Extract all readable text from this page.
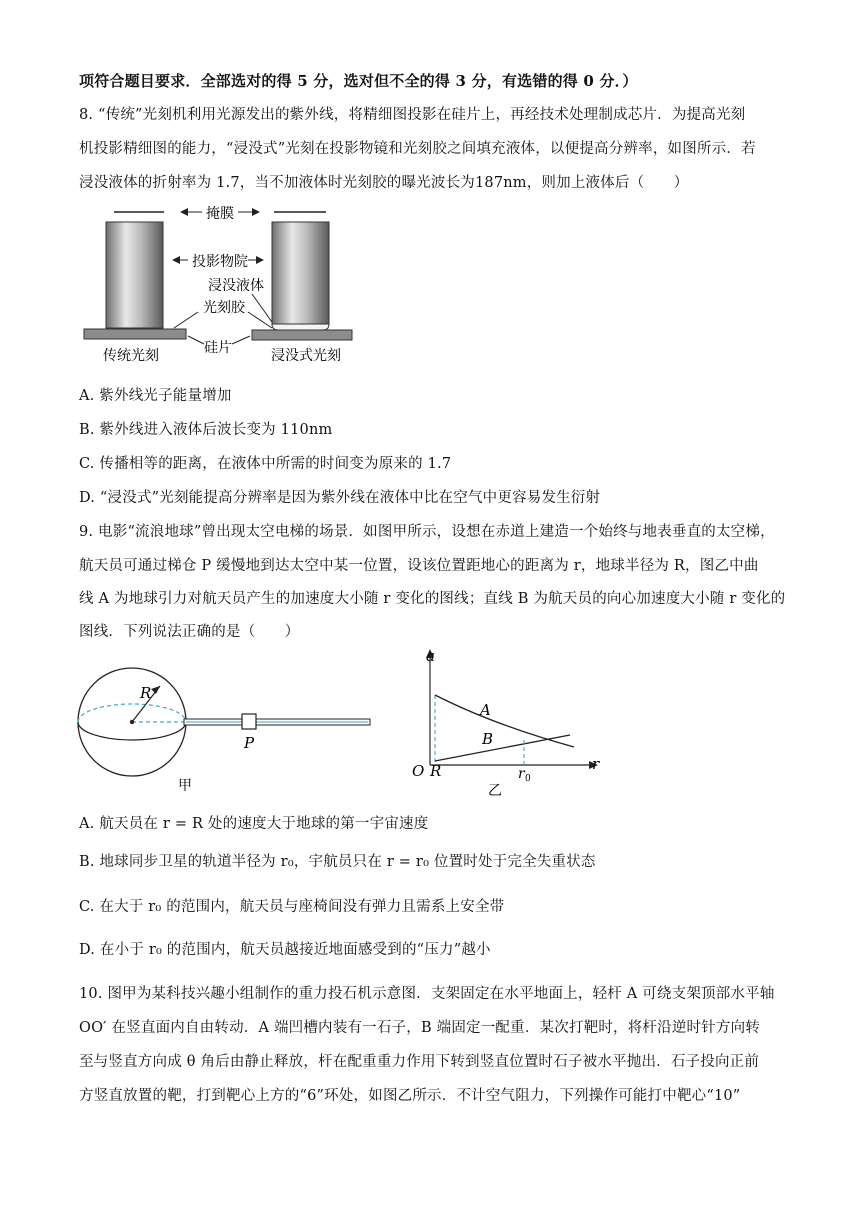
项符合题目要求．全部选对的得 5 分，选对但不全的得 3 分，有选错的得 0 分．）
8. “传统”光刻机利用光源发出的紫外线，将精细图投影在硅片上，再经技术处理制成芯片．为提高光刻
机投影精细图的能力，“浸没式”光刻在投影物镜和光刻胶之间填充液体，以便提高分辨率，如图所示．若
浸没液体的折射率为 1.7，当不加液体时光刻胶的曝光波长为187nm，则加上液体后（　　）
掩膜
投影物院
浸没液体
光刻胶
硅片
传统光刻	浸没式光刻
A. 紫外线光子能量增加
B. 紫外线进入液体后波长变为 110nm
C. 传播相等的距离，在液体中所需的时间变为原来的 1.7
D. “浸没式”光刻能提高分辨率是因为紫外线在液体中比在空气中更容易发生衍射
9. 电影“流浪地球”曾出现太空电梯的场景．如图甲所示，设想在赤道上建造一个始终与地表垂直的太空梯，
航天员可通过梯仓 P 缓慢地到达太空中某一位置，设该位置距地心的距离为 r，地球半径为 R，图乙中曲
线 A 为地球引力对航天员产生的加速度大小随 r 变化的图线；直线 B 为航天员的向心加速度大小随 r 变化的
图线．下列说法正确的是（　　）
R
P
甲
a
r
O R
A
B
r 0
乙
A. 航天员在 r = R 处的速度大于地球的第一宇宙速度
B. 地球同步卫星的轨道半径为 r₀，宇航员只在 r = r₀ 位置时处于完全失重状态
C. 在大于 r₀ 的范围内，航天员与座椅间没有弹力且需系上安全带
D. 在小于 r₀ 的范围内，航天员越接近地面感受到的“压力”越小
10. 图甲为某科技兴趣小组制作的重力投石机示意图．支架固定在水平地面上，轻杆 A 可绕支架顶部水平轴
OO′ 在竖直面内自由转动．A 端凹槽内装有一石子，B 端固定一配重．某次打靶时，将杆沿逆时针方向转
至与竖直方向成 θ 角后由静止释放，杆在配重重力作用下转到竖直位置时石子被水平抛出．石子投向正前
方竖直放置的靶，打到靶心上方的“6”环处，如图乙所示．不计空气阻力，下列操作可能打中靶心“10”
